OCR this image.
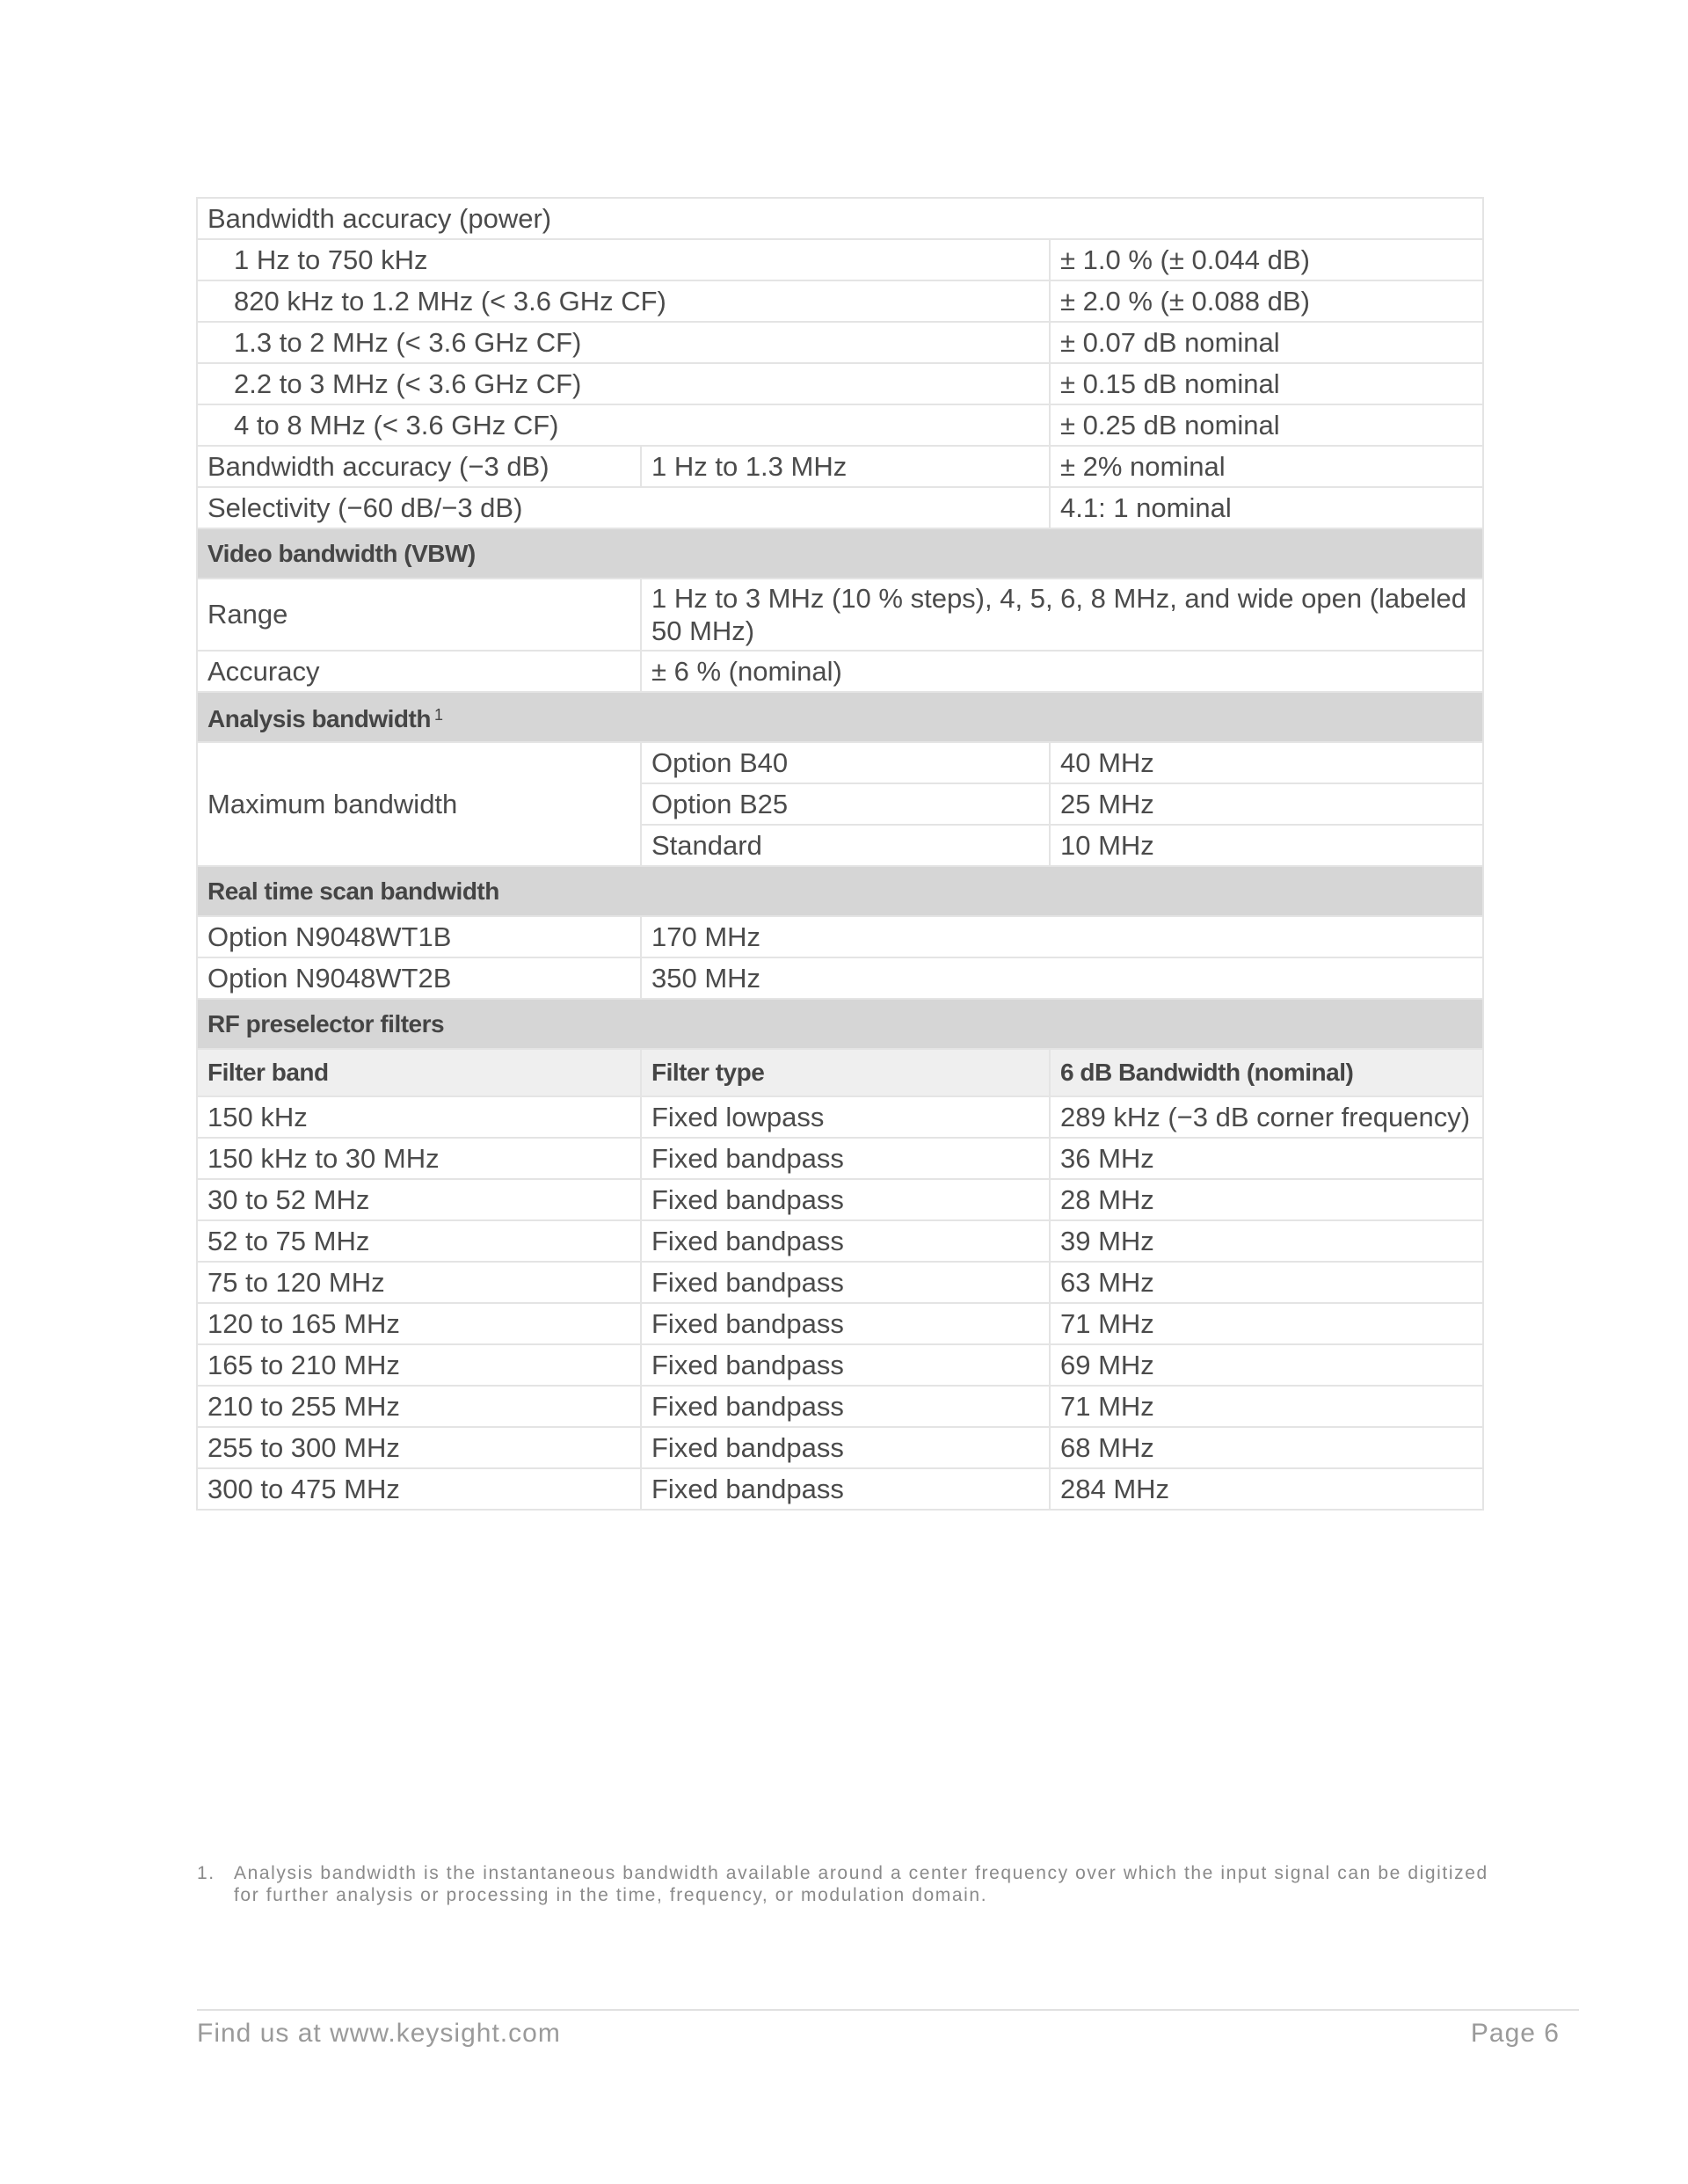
Bandwidth accuracy (power)		
1 Hz to 750 kHz		± 1.0 % (± 0.044 dB)
820 kHz to 1.2 MHz (< 3.6 GHz CF)		± 2.0 % (± 0.088 dB)
1.3 to 2 MHz (< 3.6 GHz CF)		± 0.07 dB nominal
2.2 to 3 MHz (< 3.6 GHz CF)		± 0.15 dB nominal
4 to 8 MHz (< 3.6 GHz CF)		± 0.25 dB nominal
Bandwidth accuracy (−3 dB)	1 Hz to 1.3 MHz	± 2% nominal
Selectivity (−60 dB/−3 dB)		4.1: 1 nominal
Video bandwidth (VBW)		
Range	1 Hz to 3 MHz (10 % steps), 4, 5, 6, 8 MHz, and wide open (labeled 50 MHz)	
Accuracy	± 6 % (nominal)	
Analysis bandwidth $^1$
Maximum bandwidth	Option B40	40 MHz
	Option B25	25 MHz
	Standard	10 MHz
Real time scan bandwidth		
Option N9048WT1B	170 MHz	
Option N9048WT2B	350 MHz	
RF preselector filters		
Filter band	Filter type	6 dB Bandwidth (nominal)
150 kHz	Fixed lowpass	289 kHz (−3 dB corner frequency)
150 kHz to 30 MHz	Fixed bandpass	36 MHz
30 to 52 MHz	Fixed bandpass	28 MHz
52 to 75 MHz	Fixed bandpass	39 MHz
75 to 120 MHz	Fixed bandpass	63 MHz
120 to 165 MHz	Fixed bandpass	71 MHz
165 to 210 MHz	Fixed bandpass	69 MHz
210 to 255 MHz	Fixed bandpass	71 MHz
255 to 300 MHz	Fixed bandpass	68 MHz
300 to 475 MHz	Fixed bandpass	284 MHz
1. Analysis bandwidth is the instantaneous bandwidth available around a center frequency over which the input signal can be digitized for further analysis or processing in the time, frequency, or modulation domain.
Find us at www.keysight.com	Page 6
